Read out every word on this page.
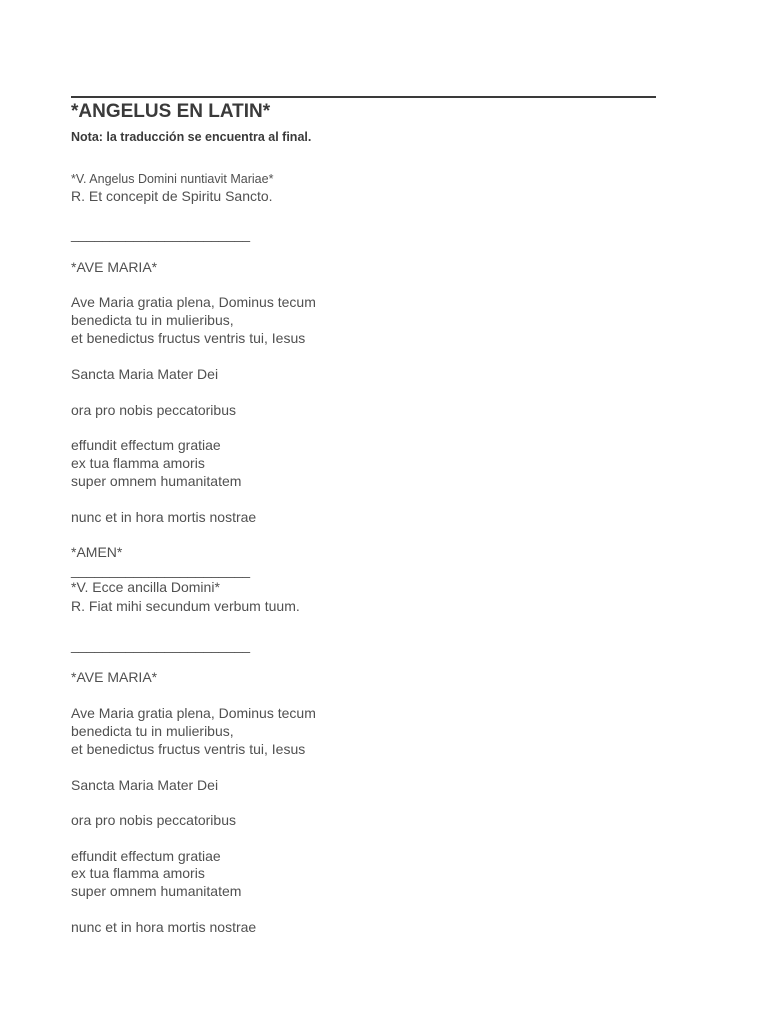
*ANGELUS EN LATIN*
Nota: la traducción se encuentra al final.
*V. Angelus Domini nuntiavit Mariae*
R. Et concepit de Spiritu Sancto.
_______________________
*AVE MARIA*
Ave Maria gratia plena, Dominus tecum
benedicta tu in mulieribus,
et benedictus fructus ventris tui, Iesus
Sancta Maria Mater Dei
ora pro nobis peccatoribus
effundit effectum gratiae
ex tua flamma amoris
super omnem humanitatem
nunc et in hora mortis nostrae
*AMEN*
_______________________
*V. Ecce ancilla Domini*
R. Fiat mihi secundum verbum tuum.
_______________________
*AVE MARIA*
Ave Maria gratia plena, Dominus tecum
benedicta tu in mulieribus,
et benedictus fructus ventris tui, Iesus
Sancta Maria Mater Dei
ora pro nobis peccatoribus
effundit effectum gratiae
ex tua flamma amoris
super omnem humanitatem
nunc et in hora mortis nostrae
